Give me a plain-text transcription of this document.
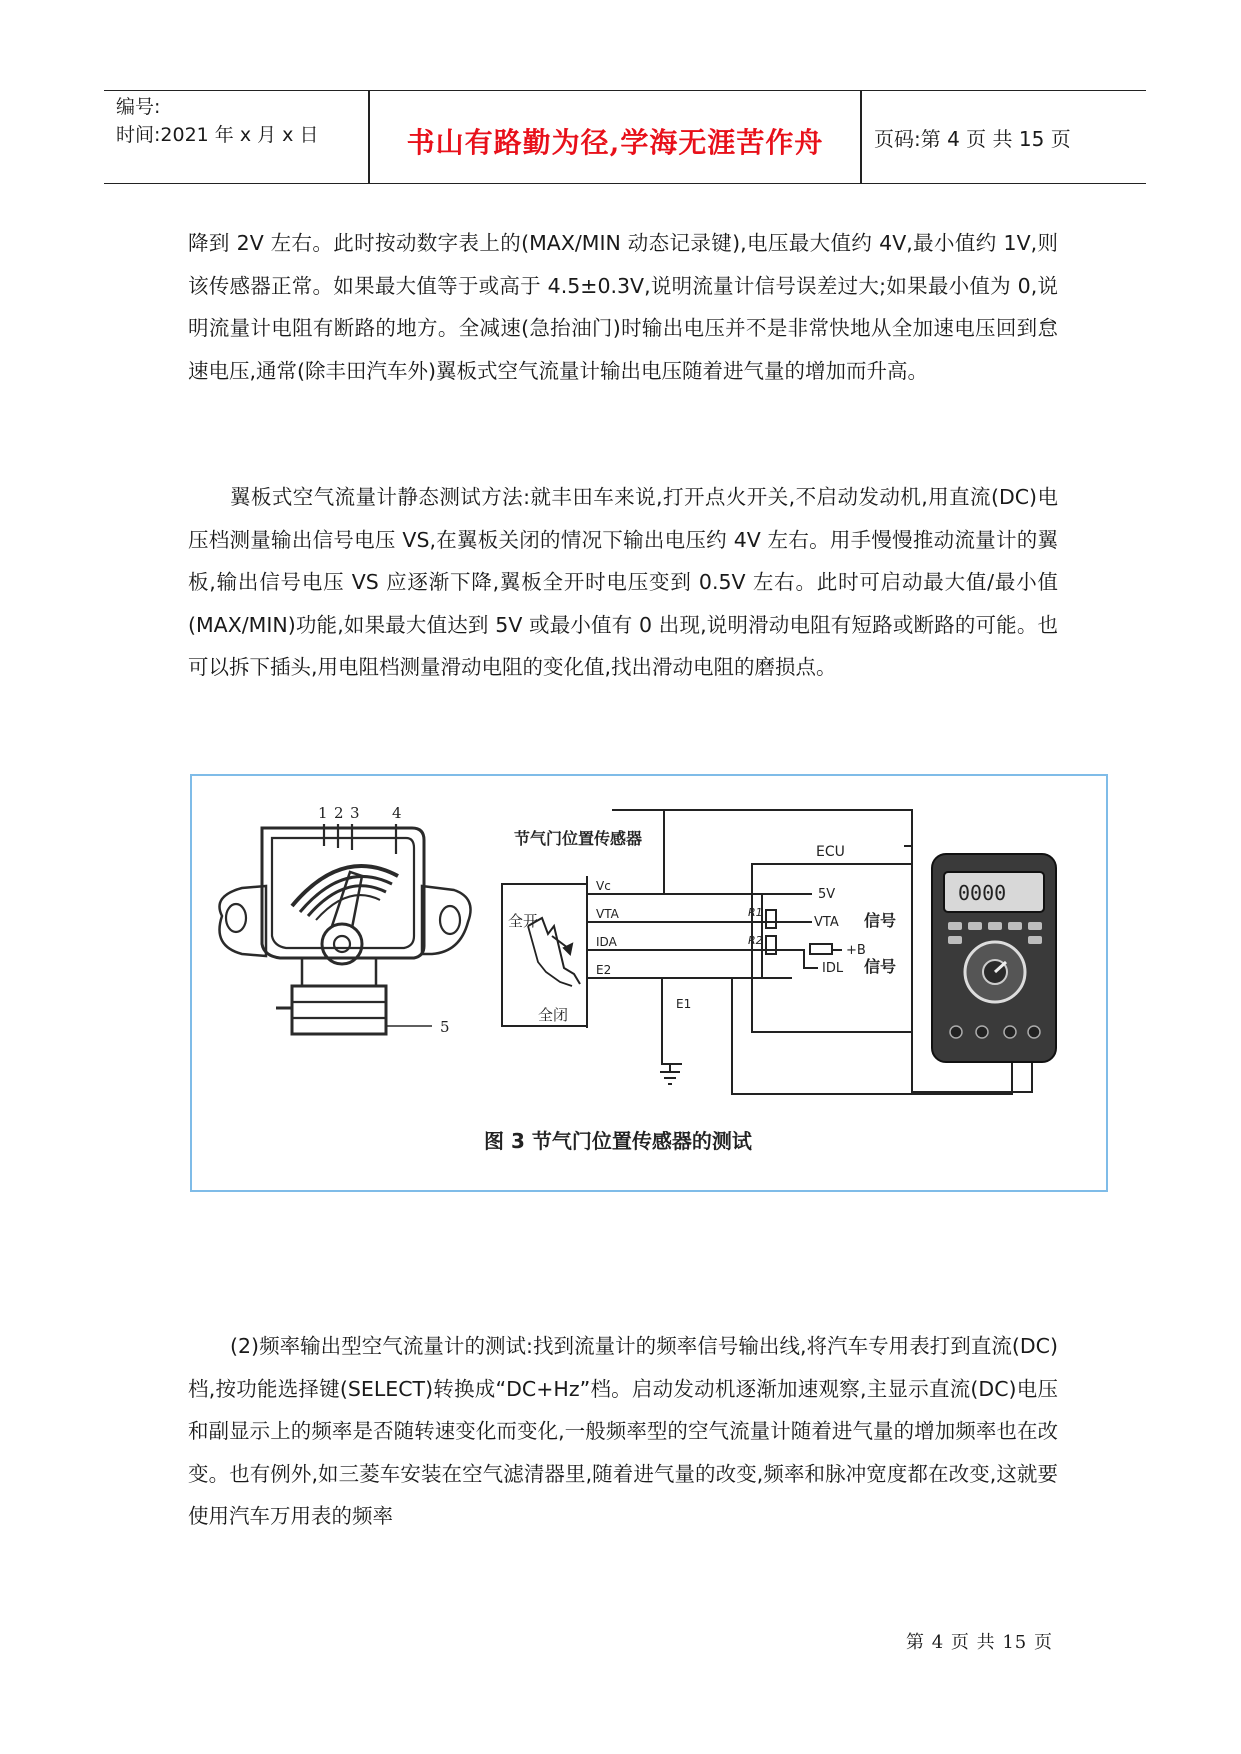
编号:
时间:2021 年 x 月 x 日	书山有路勤为径,学海无涯苦作舟	页码:第 4 页 共 15 页
降到 2V 左右。此时按动数字表上的(MAX/MIN 动态记录键),电压最大值约 4V,最小值约 1V,则该传感器正常。如果最大值等于或高于 4.5±0.3V,说明流量计信号误差过大;如果最小值为 0,说明流量计电阻有断路的地方。全减速(急抬油门)时输出电压并不是非常快地从全加速电压回到怠速电压,通常(除丰田汽车外)翼板式空气流量计输出电压随着进气量的增加而升高。
翼板式空气流量计静态测试方法:就丰田车来说,打开点火开关,不启动发动机,用直流(DC)电压档测量输出信号电压 VS,在翼板关闭的情况下输出电压约 4V 左右。用手慢慢推动流量计的翼板,输出信号电压 VS 应逐渐下降,翼板全开时电压变到 0.5V 左右。此时可启动最大值/最小值(MAX/MIN)功能,如果最大值达到 5V 或最小值有 0 出现,说明滑动电阻有短路或断路的可能。也可以拆下插头,用电阻档测量滑动电阻的变化值,找出滑动电阻的磨损点。
1 2 3 4
5
节气门位置传感器
ECU
全开
全闭
Vc
VTA
IDA
E2
E1
R1
R2
5V
VTA
+B
IDL
信号
信号
0000
图 3 节气门位置传感器的测试
(2)频率输出型空气流量计的测试:找到流量计的频率信号输出线,将汽车专用表打到直流(DC)档,按功能选择键(SELECT)转换成“DC+Hz”档。启动发动机逐渐加速观察,主显示直流(DC)电压和副显示上的频率是否随转速变化而变化,一般频率型的空气流量计随着进气量的增加频率也在改变。也有例外,如三菱车安装在空气滤清器里,随着进气量的改变,频率和脉冲宽度都在改变,这就要使用汽车万用表的频率
第 4 页 共 15 页
